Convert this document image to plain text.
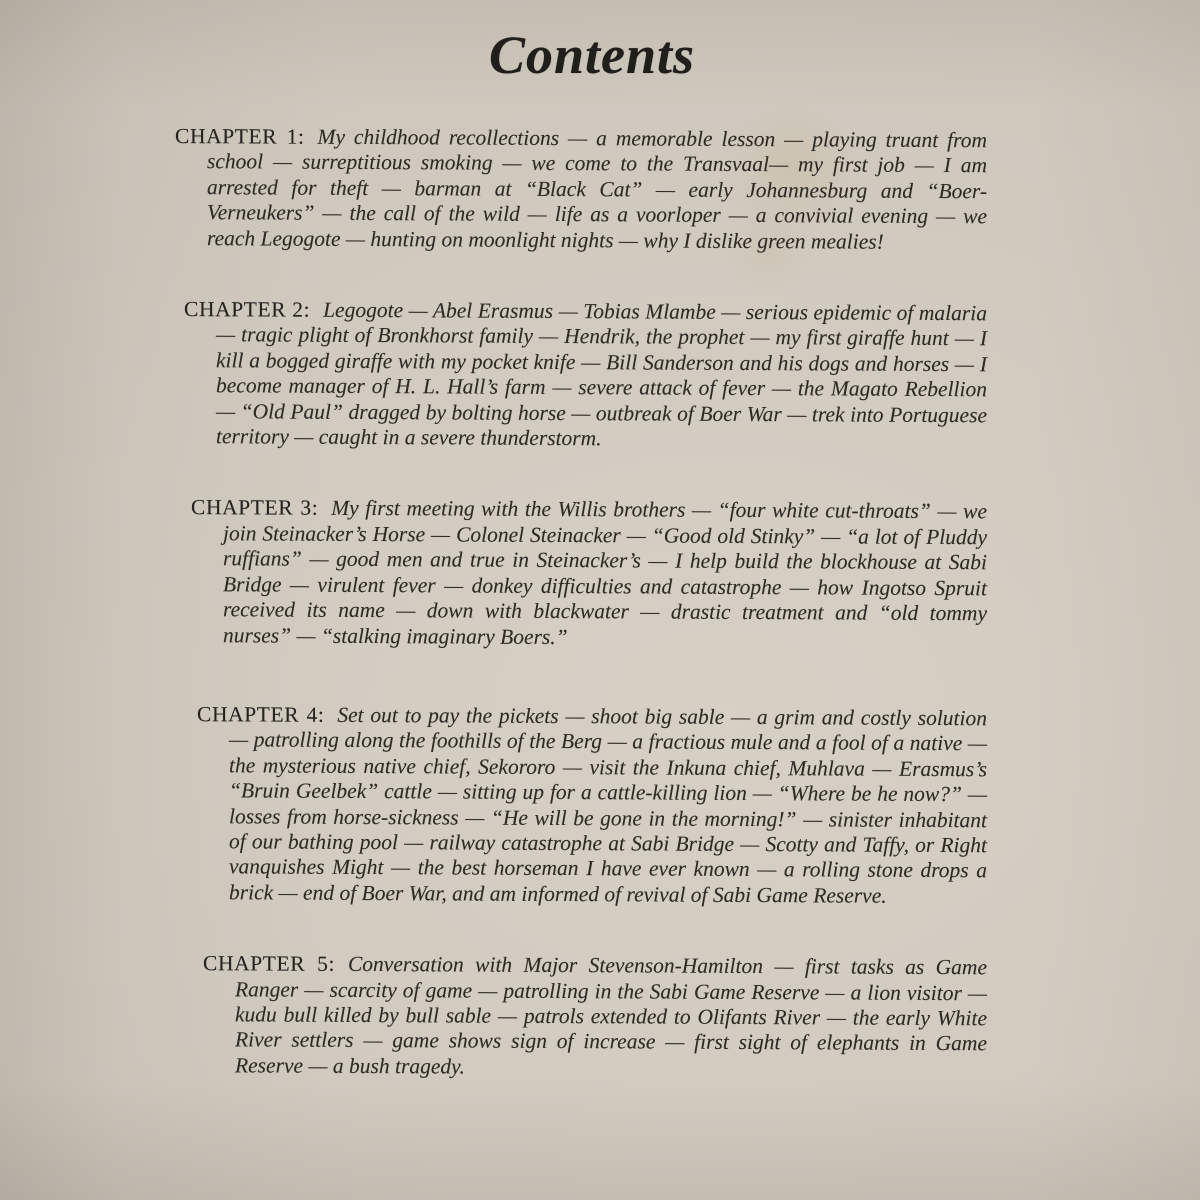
Contents

CHAPTER 1: My childhood recollections — a memorable lesson — playing truant from school — surreptitious smoking — we come to the Transvaal— my first job — I am arrested for theft — barman at “Black Cat” — early Johannesburg and “Boer-Verneukers” — the call of the wild — life as a voorloper — a convivial evening — we reach Legogote — hunting on moonlight nights — why I dislike green mealies!

CHAPTER 2: Legogote — Abel Erasmus — Tobias Mlambe — serious epidemic of malaria — tragic plight of Bronkhorst family — Hendrik, the prophet — my first giraffe hunt — I kill a bogged giraffe with my pocket knife — Bill Sanderson and his dogs and horses — I become manager of H. L. Hall’s farm — severe attack of fever — the Magato Rebellion — “Old Paul” dragged by bolting horse — outbreak of Boer War — trek into Portuguese territory — caught in a severe thunderstorm.

CHAPTER 3: My first meeting with the Willis brothers — “four white cut-throats” — we join Steinacker’s Horse — Colonel Steinacker — “Good old Stinky” — “a lot of Pluddy ruffians” — good men and true in Steinacker’s — I help build the blockhouse at Sabi Bridge — virulent fever — donkey difficulties and catastrophe — how Ingotso Spruit received its name — down with blackwater — drastic treatment and “old tommy nurses” — “stalking imaginary Boers.”

CHAPTER 4: Set out to pay the pickets — shoot big sable — a grim and costly solution — patrolling along the foothills of the Berg — a fractious mule and a fool of a native — the mysterious native chief, Sekororo — visit the Inkuna chief, Muhlava — Erasmus’s “Bruin Geelbek” cattle — sitting up for a cattle-killing lion — “Where be he now?” — losses from horse-sickness — “He will be gone in the morning!” — sinister inhabitant of our bathing pool — railway catastrophe at Sabi Bridge — Scotty and Taffy, or Right vanquishes Might — the best horseman I have ever known — a rolling stone drops a brick — end of Boer War, and am informed of revival of Sabi Game Reserve.

CHAPTER 5: Conversation with Major Stevenson-Hamilton — first tasks as Game Ranger — scarcity of game — patrolling in the Sabi Game Reserve — a lion visitor — kudu bull killed by bull sable — patrols extended to Olifants River — the early White River settlers — game shows sign of increase — first sight of elephants in Game Reserve — a bush tragedy.
